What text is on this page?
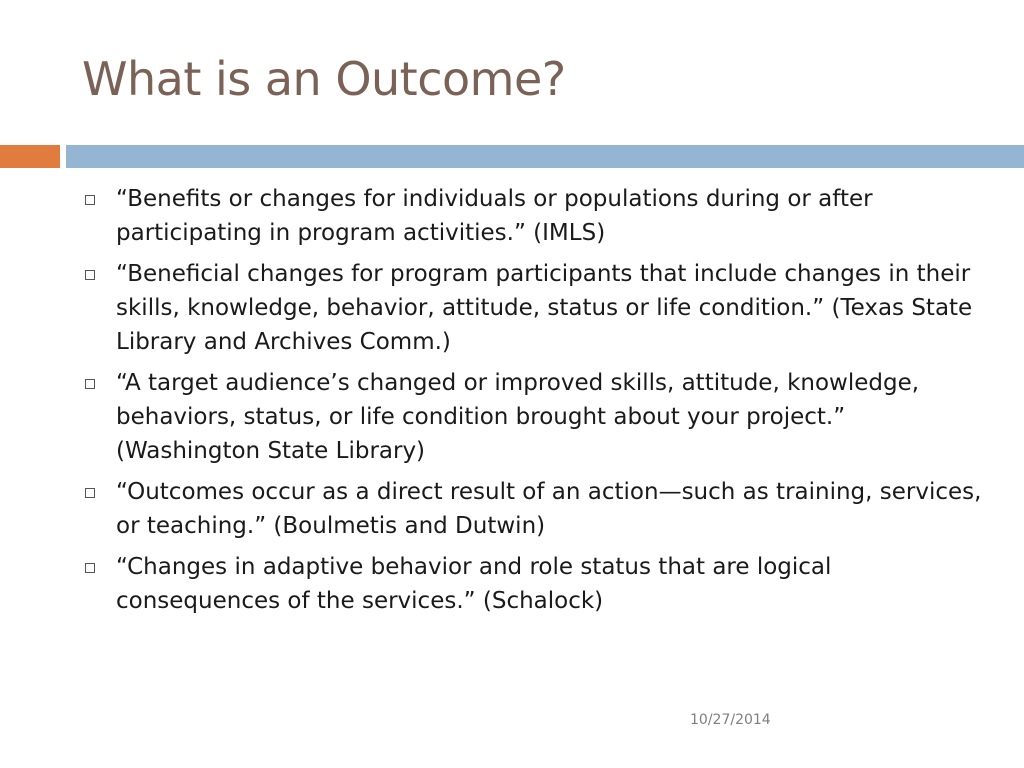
What is an Outcome?
“Benefits or changes for individuals or populations during or after participating in program activities.” (IMLS)
“Beneficial changes for program participants that include changes in their skills, knowledge, behavior, attitude, status or life condition.” (Texas State Library and Archives Comm.)
“A target audience’s changed or improved skills, attitude, knowledge, behaviors, status, or life condition brought about your project.” (Washington State Library)
“Outcomes occur as a direct result of an action—such as training, services, or teaching.” (Boulmetis and Dutwin)
“Changes in adaptive behavior and role status that are logical consequences of the services.” (Schalock)
10/27/2014
